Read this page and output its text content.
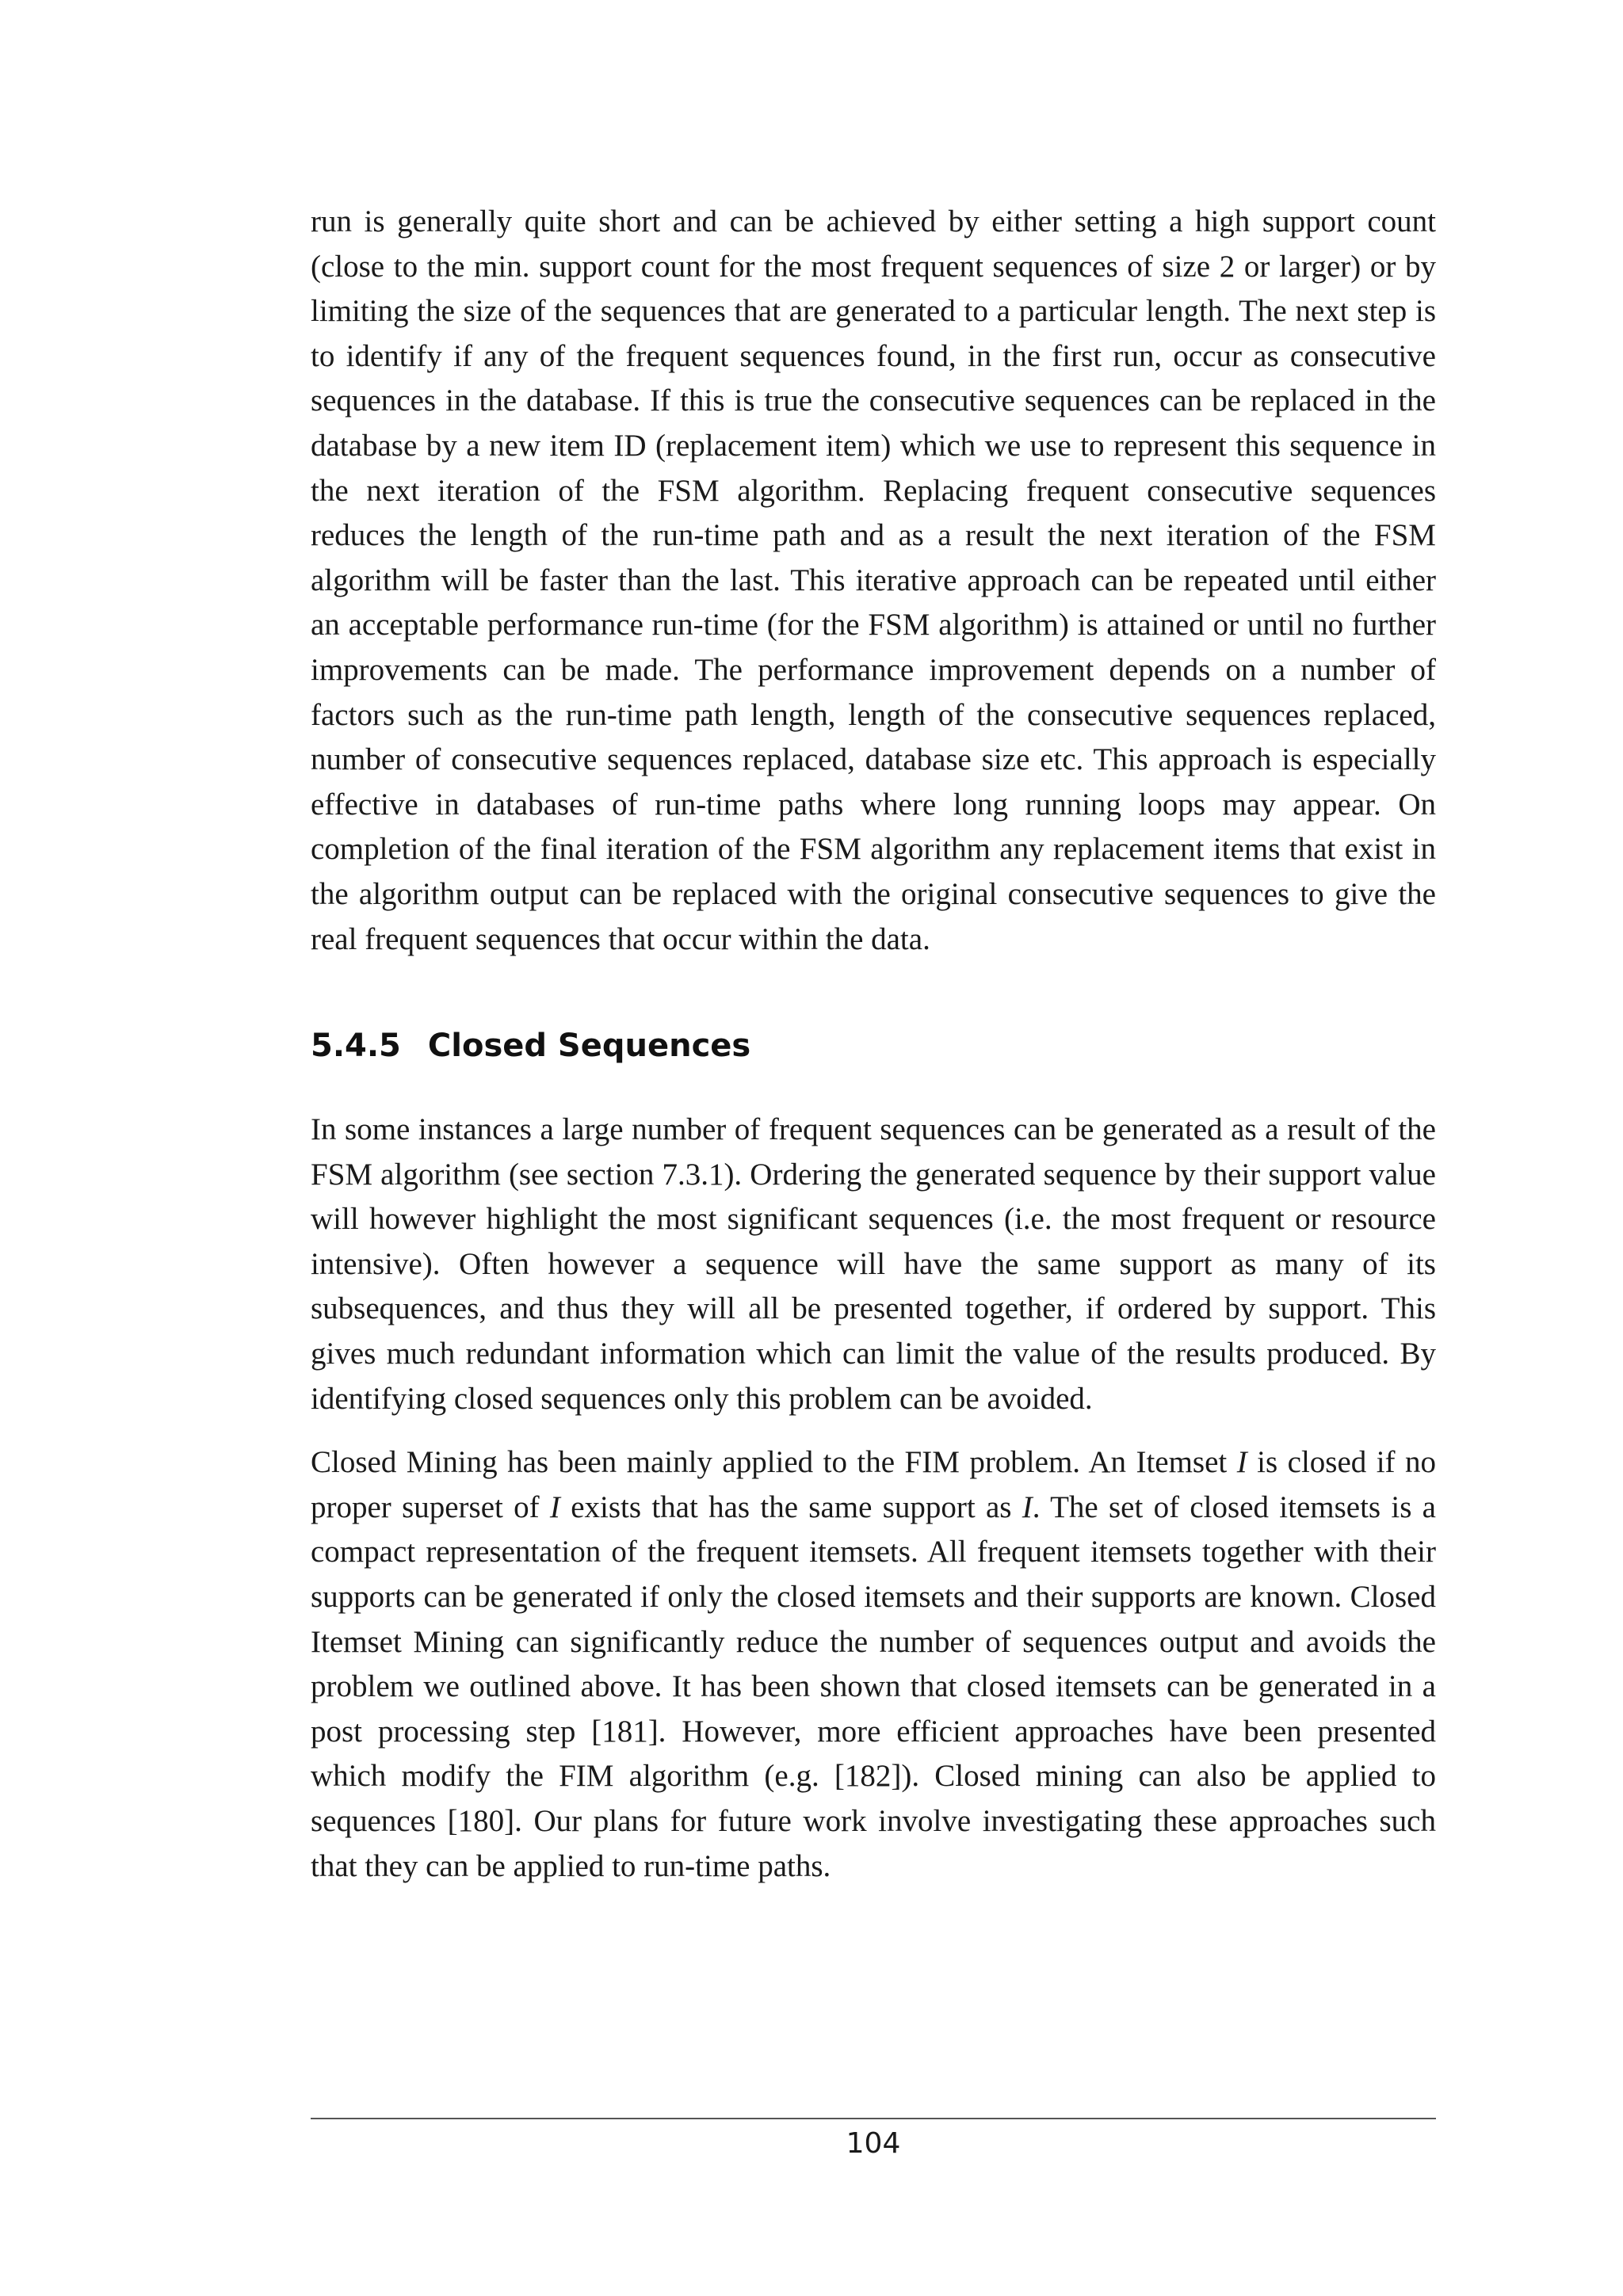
run is generally quite short and can be achieved by either setting a high support count (close to the min. support count for the most frequent sequences of size 2 or larger) or by limiting the size of the sequences that are generated to a particular length. The next step is to identify if any of the frequent sequences found, in the first run, occur as consecutive sequences in the database. If this is true the consecutive sequences can be replaced in the database by a new item ID (replacement item) which we use to represent this sequence in the next iteration of the FSM algorithm. Replacing frequent consecutive sequences reduces the length of the run-time path and as a result the next iteration of the FSM algorithm will be faster than the last. This iterative approach can be repeated until either an acceptable performance run-time (for the FSM algorithm) is attained or until no further improvements can be made. The performance improvement depends on a number of factors such as the run-time path length, length of the consecutive sequences replaced, number of consecutive sequences replaced, database size etc. This approach is especially effective in databases of run-time paths where long running loops may appear. On completion of the final iteration of the FSM algorithm any replacement items that exist in the algorithm output can be replaced with the original consecutive sequences to give the real frequent sequences that occur within the data.

5.4.5 Closed Sequences

In some instances a large number of frequent sequences can be generated as a result of the FSM algorithm (see section 7.3.1). Ordering the generated sequence by their support value will however highlight the most significant sequences (i.e. the most frequent or resource intensive). Often however a sequence will have the same support as many of its subsequences, and thus they will all be presented together, if ordered by support. This gives much redundant information which can limit the value of the results produced. By identifying closed sequences only this problem can be avoided.

Closed Mining has been mainly applied to the FIM problem. An Itemset I is closed if no proper superset of I exists that has the same support as I. The set of closed itemsets is a compact representation of the frequent itemsets. All frequent itemsets together with their supports can be generated if only the closed itemsets and their supports are known. Closed Itemset Mining can significantly reduce the number of sequences output and avoids the problem we outlined above. It has been shown that closed itemsets can be generated in a post processing step [181]. However, more efficient approaches have been presented which modify the FIM algorithm (e.g. [182]). Closed mining can also be applied to sequences [180]. Our plans for future work involve investigating these approaches such that they can be applied to run-time paths.

104
